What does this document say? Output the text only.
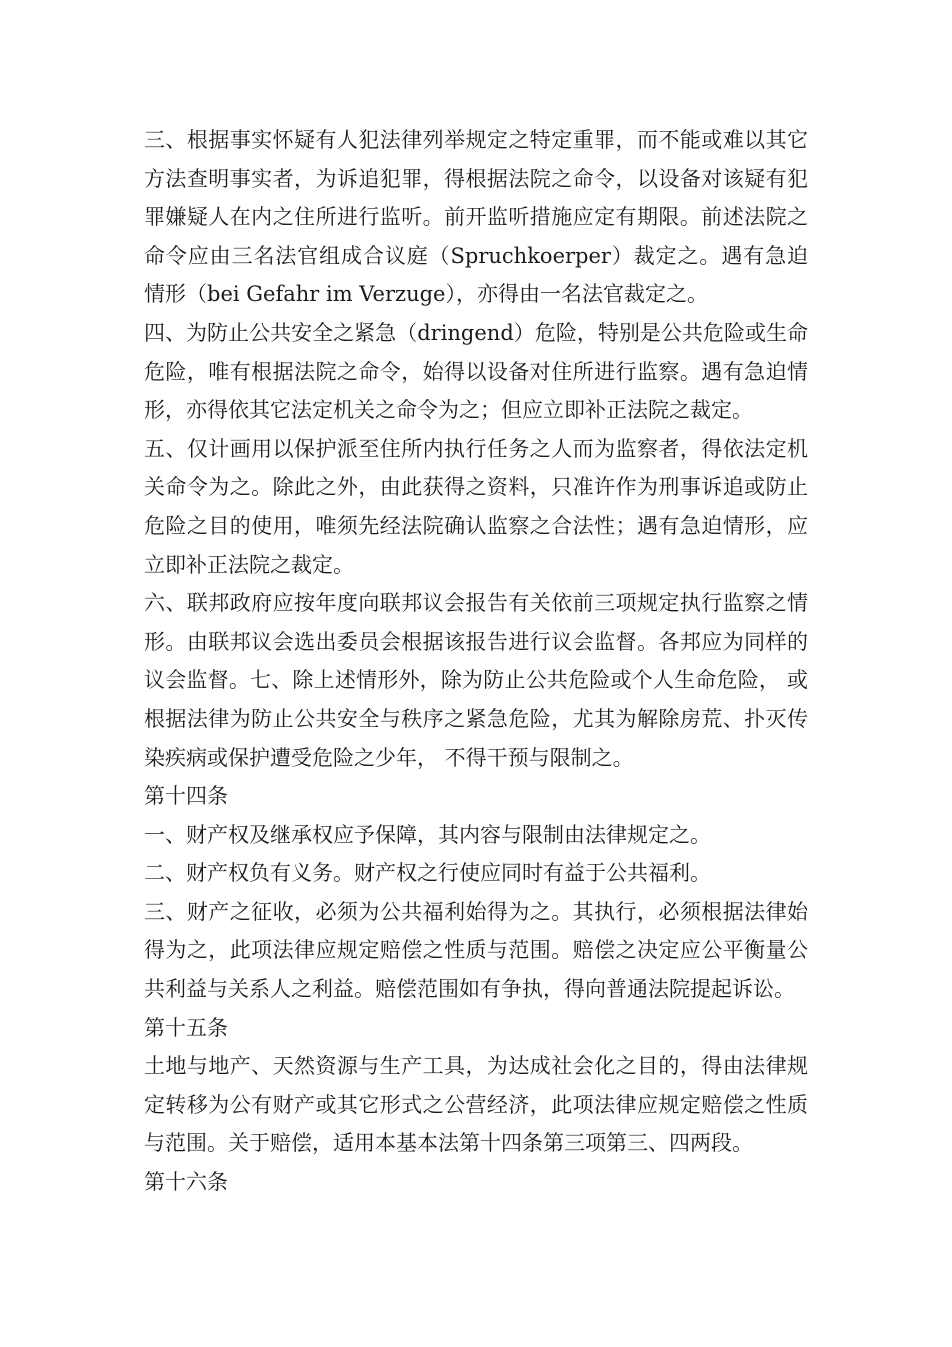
三、根据事实怀疑有人犯法律列举规定之特定重罪，而不能或难以其它方法查明事实者，为诉追犯罪，得根据法院之命令，以设备对该疑有犯罪嫌疑人在内之住所进行监听。前开监听措施应定有期限。前述法院之命令应由三名法官组成合议庭（Spruchkoerper）裁定之。遇有急迫情形（bei Gefahr im Verzuge），亦得由一名法官裁定之。

四、为防止公共安全之紧急（dringend）危险，特别是公共危险或生命危险，唯有根据法院之命令，始得以设备对住所进行监察。遇有急迫情形，亦得依其它法定机关之命令为之；但应立即补正法院之裁定。

五、仅计画用以保护派至住所内执行任务之人而为监察者，得依法定机关命令为之。除此之外，由此获得之资料，只准许作为刑事诉追或防止危险之目的使用，唯须先经法院确认监察之合法性；遇有急迫情形，应立即补正法院之裁定。

六、联邦政府应按年度向联邦议会报告有关依前三项规定执行监察之情形。由联邦议会选出委员会根据该报告进行议会监督。各邦应为同样的议会监督。七、除上述情形外，除为防止公共危险或个人生命危险， 或根据法律为防止公共安全与秩序之紧急危险，尤其为解除房荒、扑灭传染疾病或保护遭受危险之少年， 不得干预与限制之。

第十四条

一、财产权及继承权应予保障，其内容与限制由法律规定之。

二、财产权负有义务。财产权之行使应同时有益于公共福利。

三、财产之征收，必须为公共福利始得为之。其执行，必须根据法律始得为之，此项法律应规定赔偿之性质与范围。赔偿之决定应公平衡量公共利益与关系人之利益。赔偿范围如有争执，得向普通法院提起诉讼。

第十五条

土地与地产、天然资源与生产工具，为达成社会化之目的，得由法律规定转移为公有财产或其它形式之公营经济，此项法律应规定赔偿之性质与范围。关于赔偿，适用本基本法第十四条第三项第三、四两段。

第十六条
